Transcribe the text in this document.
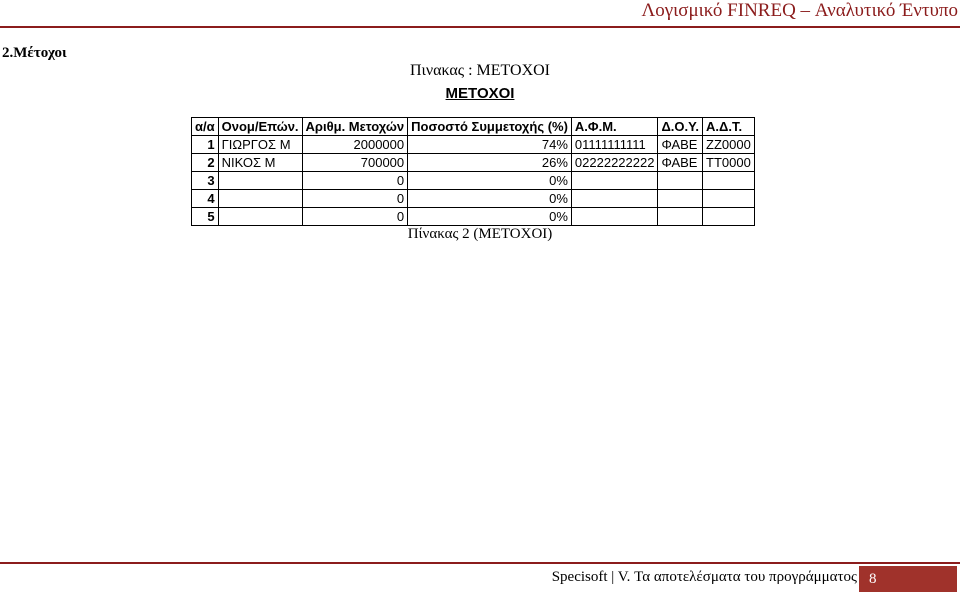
Λογισμικό FINREQ – Αναλυτικό Έντυπο
2.Μέτοχοι
Πινακας : ΜΕΤΟΧΟΙ
ΜΕΤΟΧΟΙ
α/α	Ονομ/Επών.	Αριθμ. Μετοχών	Ποσοστό Συμμετοχής (%)	Α.Φ.Μ.	Δ.Ο.Υ.	Α.Δ.Τ.
1	ΓΙΩΡΓΟΣ Μ	2000000	74%	01111111111	ΦΑΒΕ	ΖΖ0000
2	ΝΙΚΟΣ Μ	700000	26%	02222222222	ΦΑΒΕ	ΤΤ0000
3		0	0%			
4		0	0%			
5		0	0%			
Πίνακας 2 (ΜΕΤΟΧΟΙ)
Specisoft | V. Τα αποτελέσματα του προγράμματος 8
